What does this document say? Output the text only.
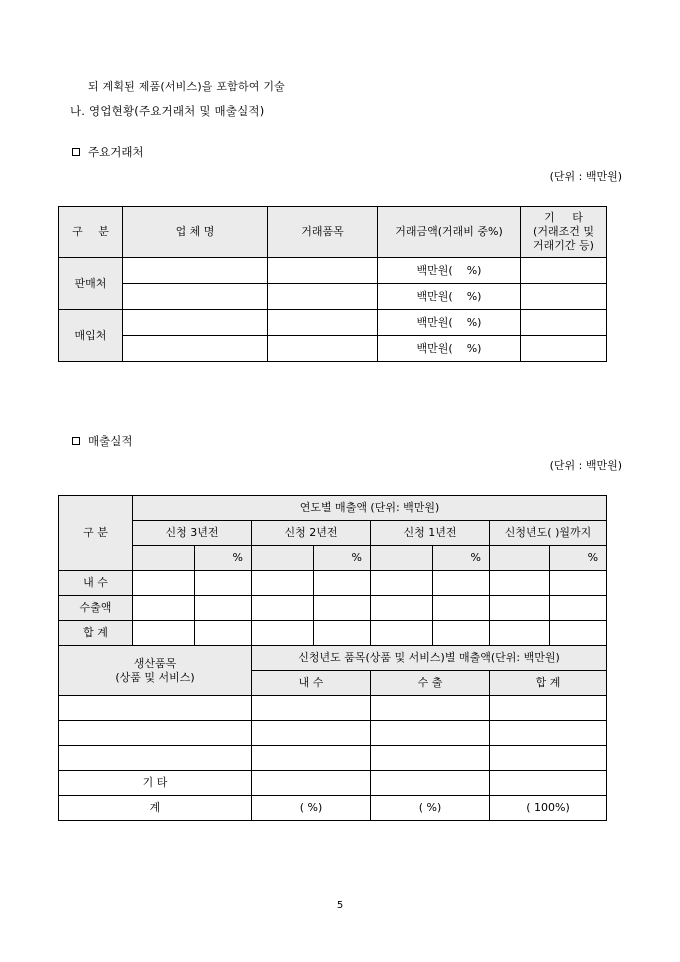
되 계획된 제품(서비스)을 포함하여 기술
나. 영업현황(주요거래처 및 매출실적)
주요거래처
(단위 : 백만원)
구 분	업 체 명	거래품목	거래금액(거래비 중%)	기     타
(거래조건 및
거래기간 등)

판매처			백만원(    %)	
			백만원(    %)	
매입처			백만원(    %)	
			백만원(    %)	
매출실적
(단위 : 백만원)
구 분	연도별 매출액 (단위: 백만원)							
	신청 3년전		신청 2년전		신청 1년전		신청년도( )월까지	
		%		%		%		%
내 수								
수출액								
합 계								

생산품목
(상품 및 서비스)			신청년도 품목(상품 및 서비스)별 매출액(단위: 백만원)					
			내 수		수 출		합 계	

기 타								
계			( %)		( %)		( 100%)	
5
